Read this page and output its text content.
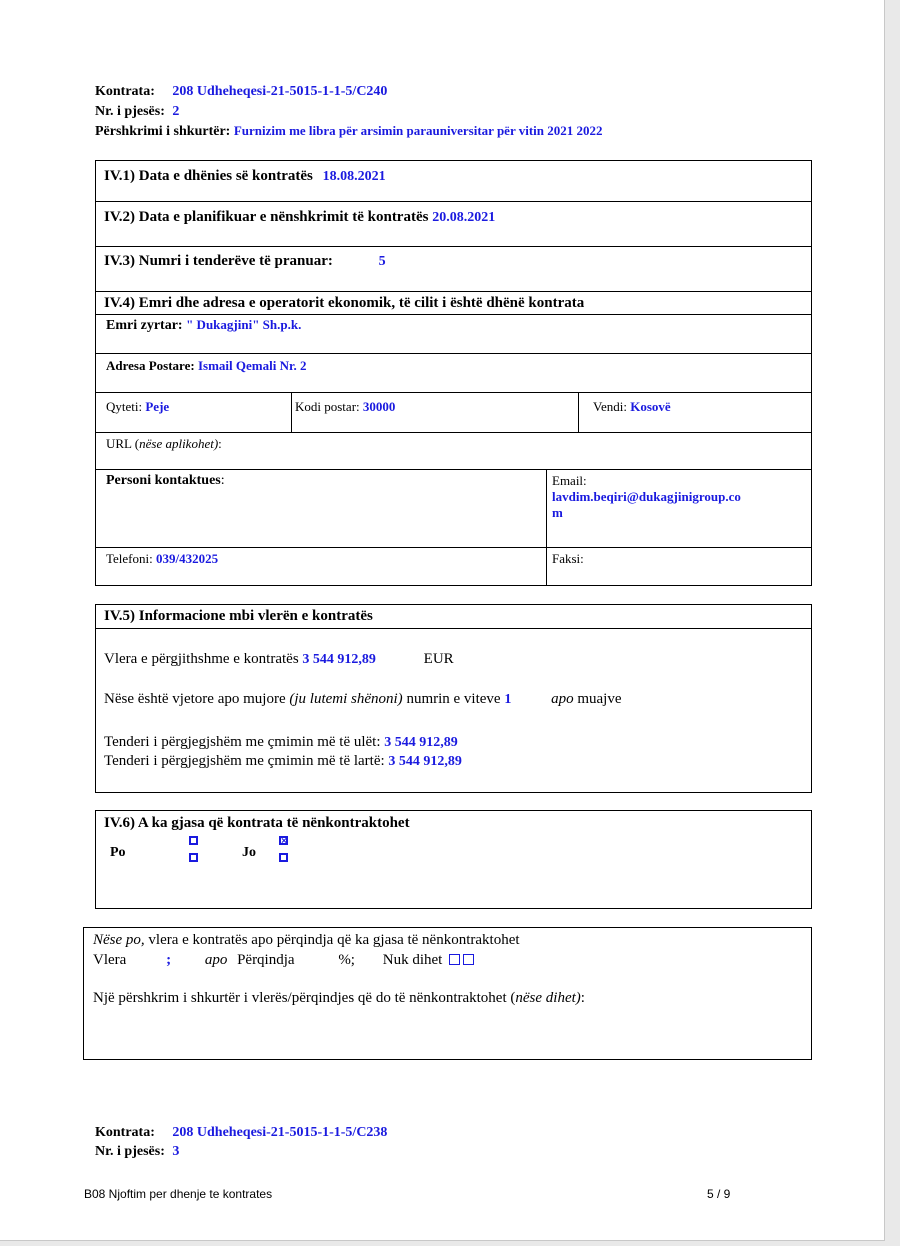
Kontrata: 208 Udheheqesi-21-5015-1-1-5/C240
Nr. i pjesës: 2
Përshkrimi i shkurtër: Furnizim me libra për arsimin parauniversitar për vitin 2021 2022
IV.1) Data e dhënies së kontratës 18.08.2021
IV.2) Data e planifikuar e nënshkrimit të kontratës 20.08.2021
IV.3) Numri i tenderëve të pranuar:	5
IV.4) Emri dhe adresa e operatorit ekonomik, të cilit i është dhënë kontrata
Emri zyrtar: " Dukagjini" Sh.p.k.
Adresa Postare: Ismail Qemali Nr. 2
Qyteti: Peje	Kodi postar: 30000	Vendi: Kosovë
URL (nëse aplikohet):
Personi kontaktues:	Email:
lavdim.beqiri@dukagjinigroup.co
m
Telefoni: 039/432025	Faksi:
IV.5) Informacione mbi vlerën e kontratës
Vlera e përgjithshme e kontratës 3 544 912,89	EUR
Nëse është vjetore apo mujore (ju lutemi shënoni) numrin e viteve 1	apo muajve
Tenderi i përgjegjshëm me çmimin më të ulët: 3 544 912,89
Tenderi i përgjegjshëm me çmimin më të lartë: 3 544 912,89
IV.6) A ka gjasa që kontrata të nënkontraktohet
Po	Jo
Nëse po, vlera e kontratës apo përqindja që ka gjasa të nënkontraktohet
Vlera	; apo Përqindja	%; Nuk dihet
Një përshkrim i shkurtër i vlerës/përqindjes që do të nënkontraktohet (nëse dihet):
Kontrata: 208 Udheheqesi-21-5015-1-1-5/C238
Nr. i pjesës: 3
B08 Njoftim per dhenje te kontrates	5 / 9
